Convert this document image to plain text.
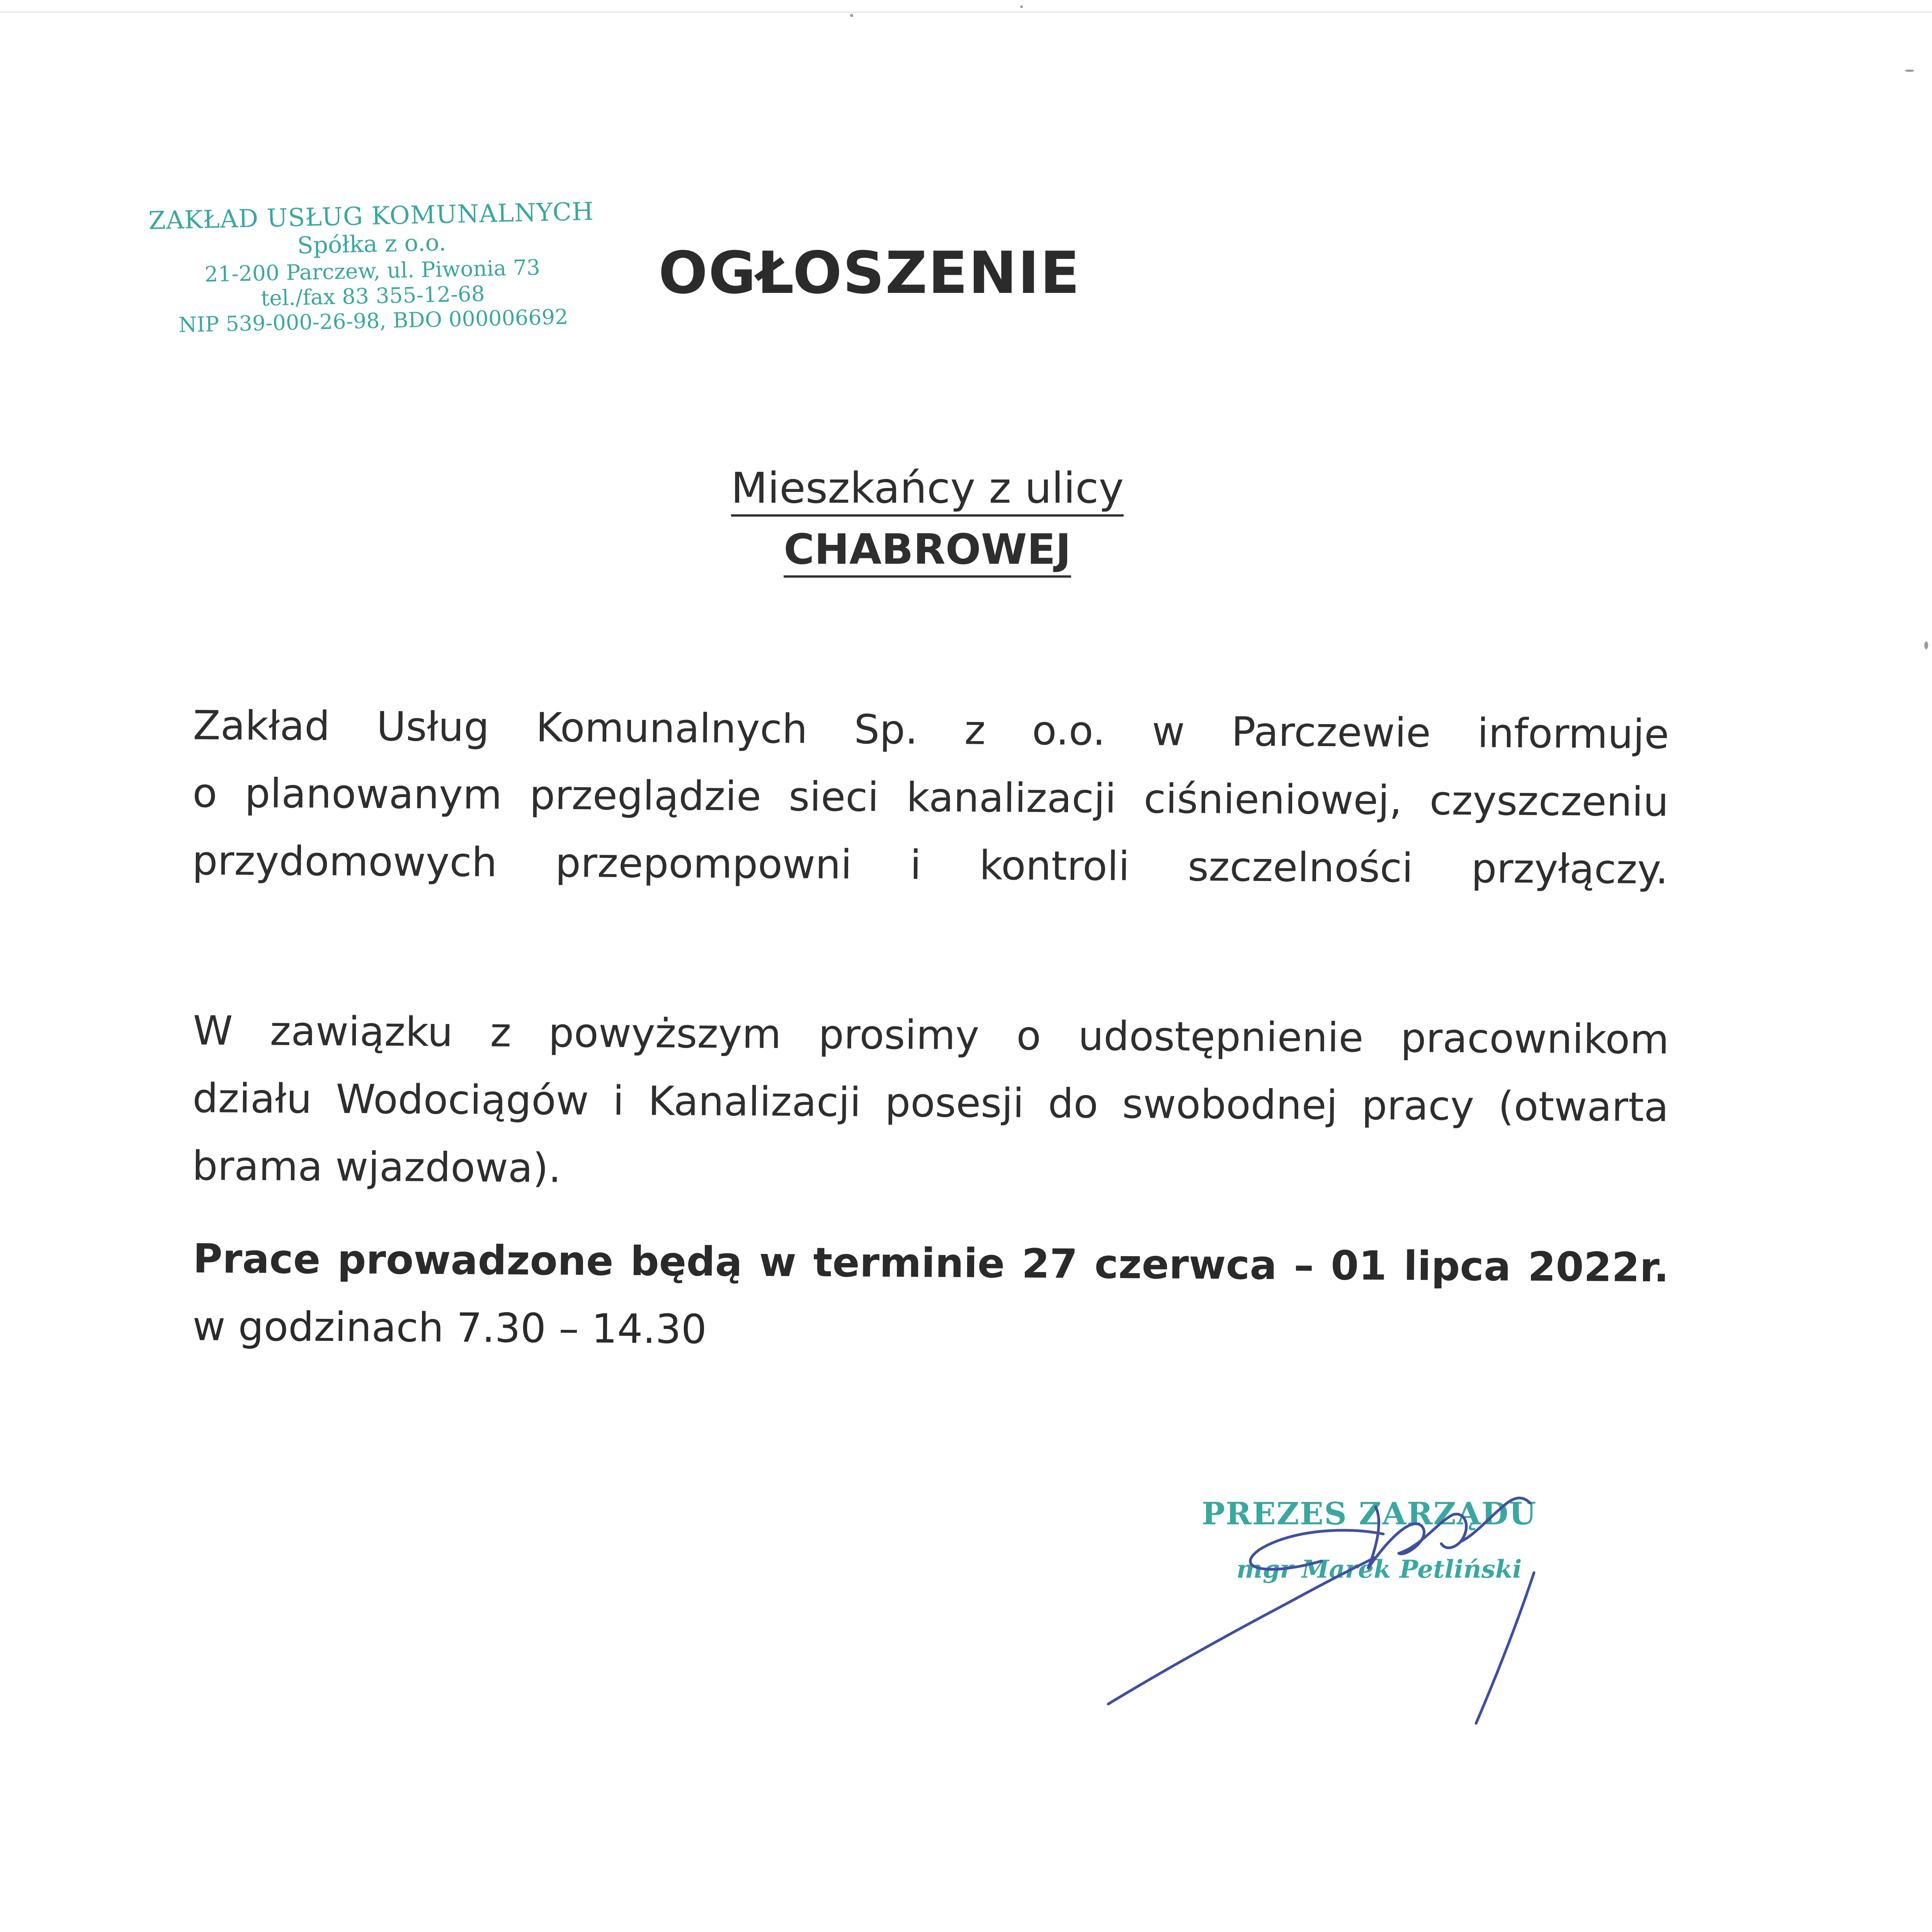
ZAKŁAD USŁUG KOMUNALNYCH
Spółka z o.o.
21-200 Parczew, ul. Piwonia 73
tel./fax 83 355-12-68
NIP 539-000-26-98, BDO 000006692
OGŁOSZENIE
Mieszkańcy z ulicy
CHABROWEJ
Zakład Usług Komunalnych Sp. z o.o. w Parczewie informuje
o planowanym przeglądzie sieci kanalizacji ciśnieniowej, czyszczeniu
przydomowych przepompowni i kontroli szczelności przyłączy.
W zawiązku z powyższym prosimy o udostępnienie pracownikom
działu Wodociągów i Kanalizacji posesji do swobodnej pracy (otwarta
brama wjazdowa).
Prace prowadzone będą w terminie 27 czerwca – 01 lipca 2022r.
w godzinach 7.30 – 14.30
PREZES ZARZĄDU
mgr Marek Petliński
